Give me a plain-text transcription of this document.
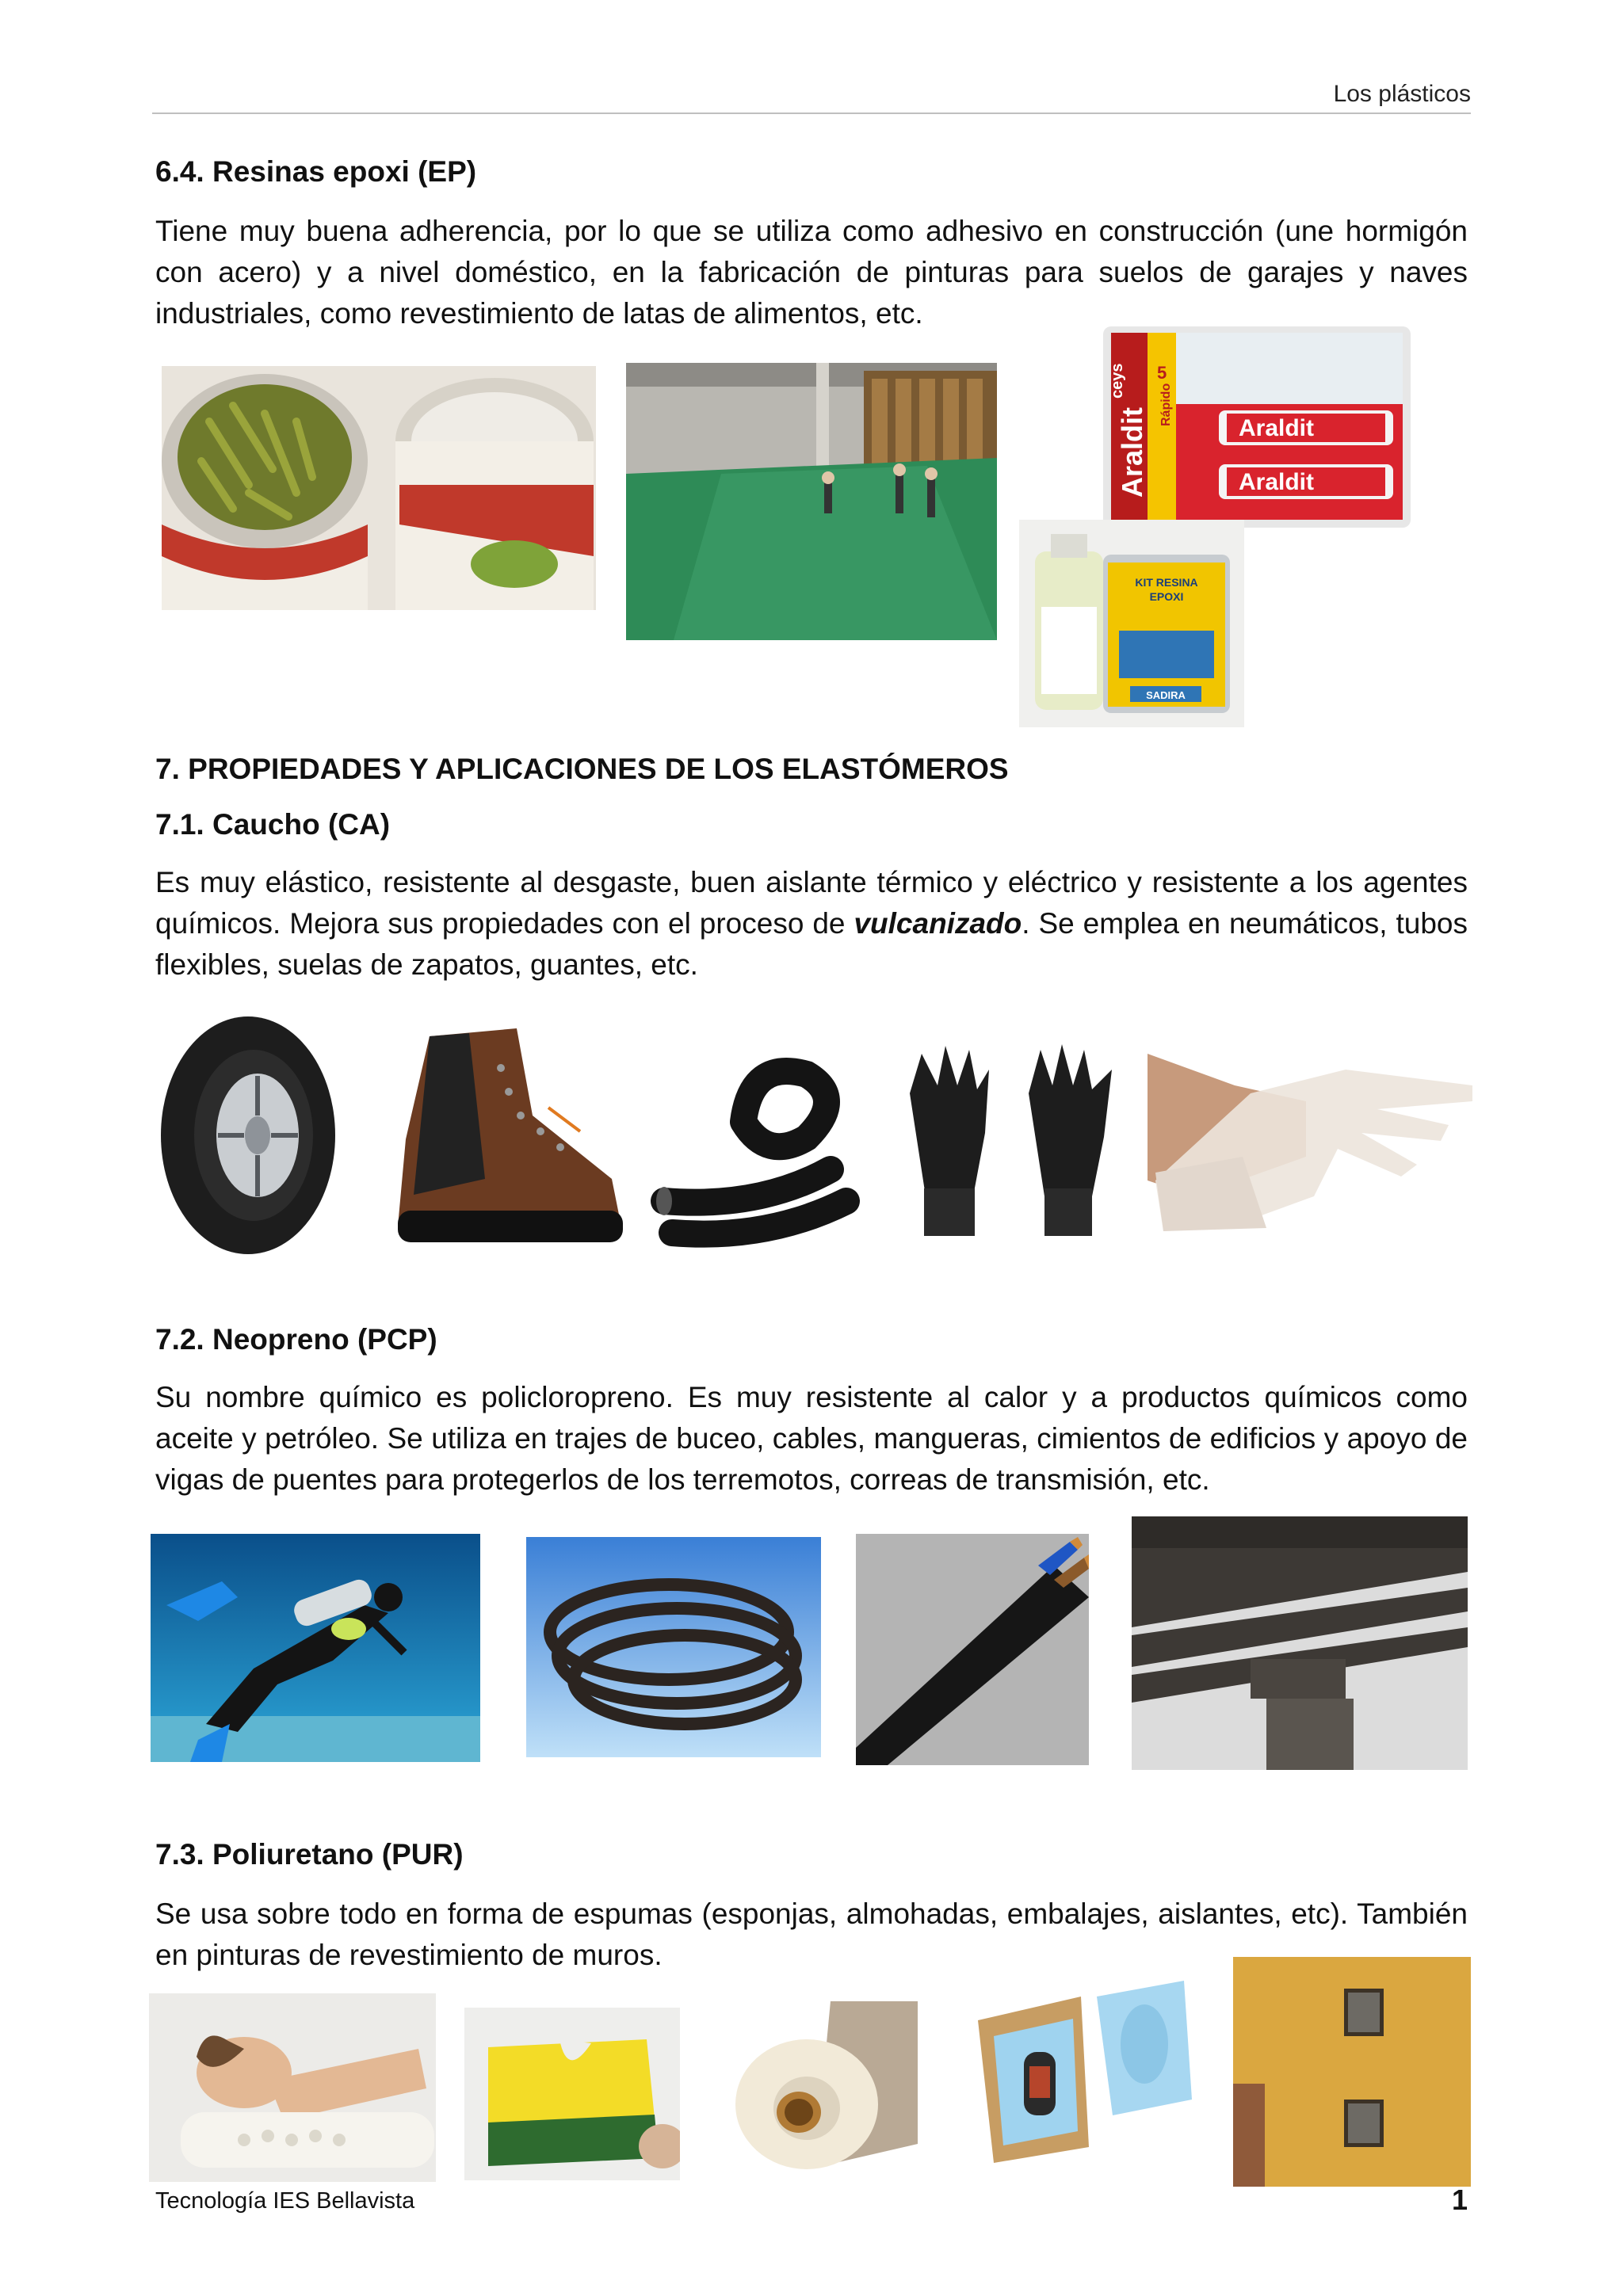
Los plásticos
6.4. Resinas epoxi (EP)
Tiene muy buena adherencia, por lo que se utiliza como adhesivo en construcción (une hormigón con acero) y a nivel doméstico, en la fabricación de pinturas para suelos de garajes y naves industriales, como revestimiento de latas de alimentos, etc.
ceys
Araldit
5
Rápido
Araldit
Araldit
KIT RESINA
EPOXI
SADIRA
7. PROPIEDADES Y APLICACIONES DE LOS ELASTÓMEROS
7.1. Caucho (CA)
Es muy elástico, resistente al desgaste, buen aislante térmico y eléctrico y resistente a los agentes químicos. Mejora sus propiedades con el proceso de vulcanizado. Se emplea en neumáticos, tubos flexibles, suelas de zapatos, guantes, etc.
7.2. Neopreno (PCP)
Su nombre químico es policloropreno. Es muy resistente al calor y a productos químicos como aceite y petróleo. Se utiliza en trajes de buceo, cables, mangueras, cimientos de edificios y apoyo de vigas de puentes para protegerlos de los terremotos, correas de transmisión, etc.
7.3. Poliuretano (PUR)
Se usa sobre todo en forma de espumas (esponjas, almohadas, embalajes, aislantes, etc). También en pinturas de revestimiento de muros.
Tecnología IES Bellavista	1
